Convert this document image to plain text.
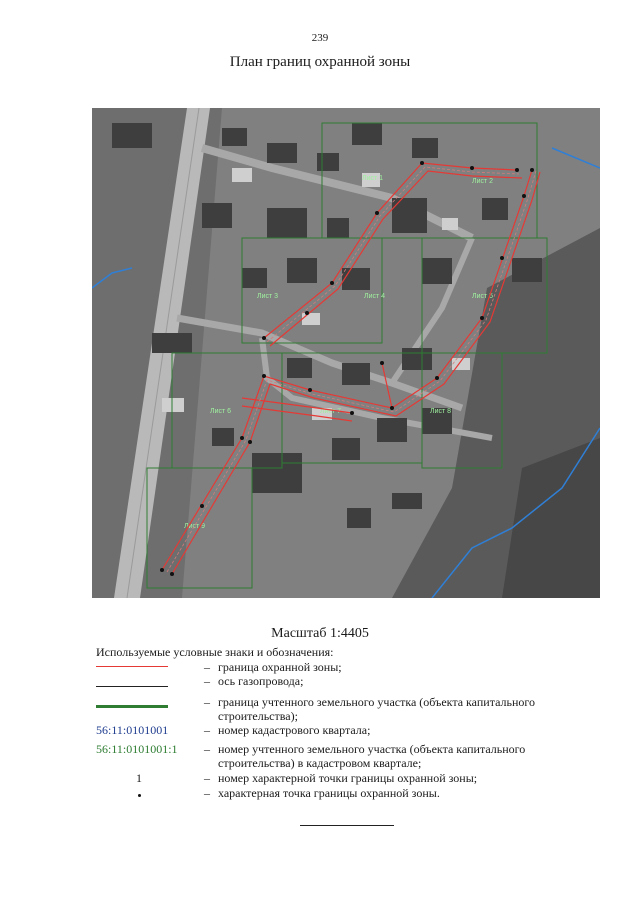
239
План границ охранной зоны
Лист 1	Лист 2
Лист 3	Лист 4	Лист 5
Лист 6	Лист 7	Лист 8
Лист 9
Масштаб 1:4405
Используемые условные знаки и обозначения:
– граница охранной зоны;
– ось газопровода;
– граница учтенного земельного участка (объекта капитального строительства);
56:11:0101001	– номер кадастрового квартала;
56:11:0101001:1 – номер учтенного земельного участка (объекта капитального строительства) в кадастровом квартале;
1	– номер характерной точки границы охранной зоны;
– характерная точка границы охранной зоны.
